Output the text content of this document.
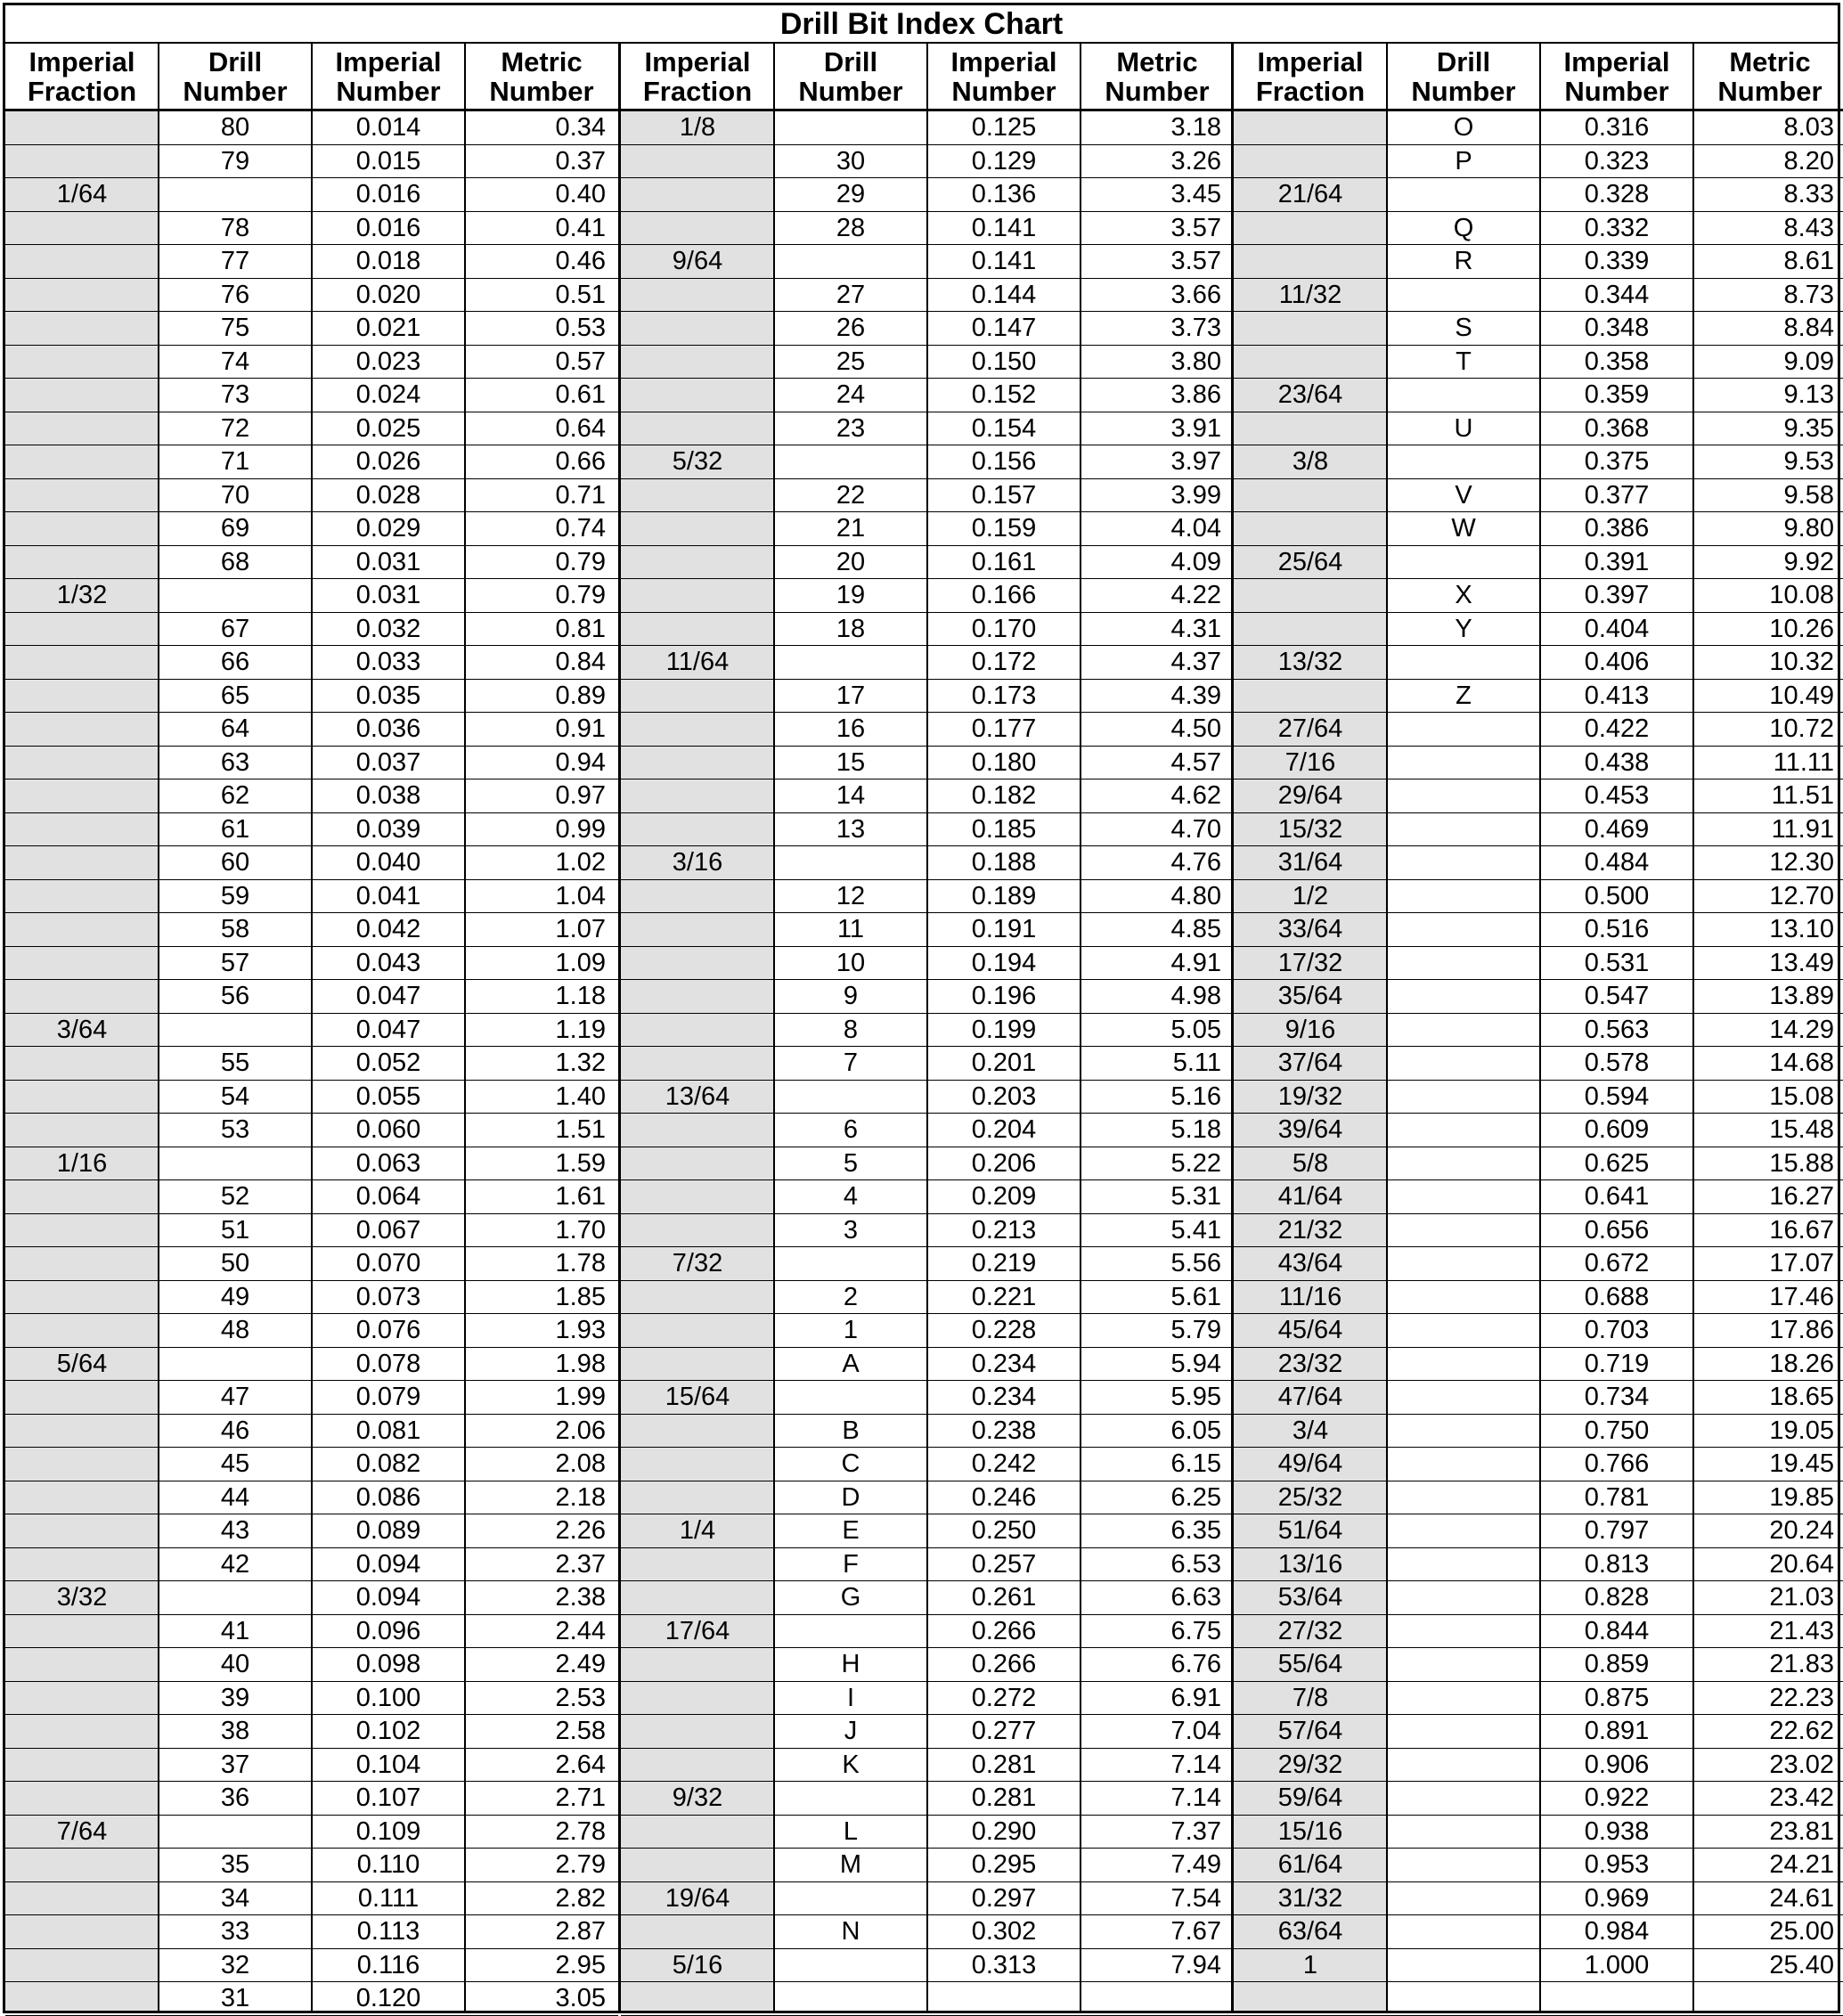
Drill Bit Index Chart
Imperial
Fraction
Drill
Number
Imperial
Number
Metric
Number
1/64
1/32
3/64
1/16
5/64
3/32
7/64
80
79
78
77
76
75
74
73
72
71
70
69
68
67
66
65
64
63
62
61
60
59
58
57
56
55
54
53
52
51
50
49
48
47
46
45
44
43
42
41
40
39
38
37
36
35
34
33
32
31
0.014
0.015
0.016
0.016
0.018
0.020
0.021
0.023
0.024
0.025
0.026
0.028
0.029
0.031
0.031
0.032
0.033
0.035
0.036
0.037
0.038
0.039
0.040
0.041
0.042
0.043
0.047
0.047
0.052
0.055
0.060
0.063
0.064
0.067
0.070
0.073
0.076
0.078
0.079
0.081
0.082
0.086
0.089
0.094
0.094
0.096
0.098
0.100
0.102
0.104
0.107
0.109
0.110
0.111
0.113
0.116
0.120
0.34
0.37
0.40
0.41
0.46
0.51
0.53
0.57
0.61
0.64
0.66
0.71
0.74
0.79
0.79
0.81
0.84
0.89
0.91
0.94
0.97
0.99
1.02
1.04
1.07
1.09
1.18
1.19
1.32
1.40
1.51
1.59
1.61
1.70
1.78
1.85
1.93
1.98
1.99
2.06
2.08
2.18
2.26
2.37
2.38
2.44
2.49
2.53
2.58
2.64
2.71
2.78
2.79
2.82
2.87
2.95
3.05
Imperial
Fraction
Drill
Number
Imperial
Number
Metric
Number
1/8
9/64
5/32
11/64
3/16
13/64
7/32
15/64
1/4
17/64
9/32
19/64
5/16
30
29
28
27
26
25
24
23
22
21
20
19
18
17
16
15
14
13
12
11
10
9
8
7
6
5
4
3
2
1
A
B
C
D
E
F
G
H
I
J
K
L
M
N
0.125
0.129
0.136
0.141
0.141
0.144
0.147
0.150
0.152
0.154
0.156
0.157
0.159
0.161
0.166
0.170
0.172
0.173
0.177
0.180
0.182
0.185
0.188
0.189
0.191
0.194
0.196
0.199
0.201
0.203
0.204
0.206
0.209
0.213
0.219
0.221
0.228
0.234
0.234
0.238
0.242
0.246
0.250
0.257
0.261
0.266
0.266
0.272
0.277
0.281
0.281
0.290
0.295
0.297
0.302
0.313
3.18
3.26
3.45
3.57
3.57
3.66
3.73
3.80
3.86
3.91
3.97
3.99
4.04
4.09
4.22
4.31
4.37
4.39
4.50
4.57
4.62
4.70
4.76
4.80
4.85
4.91
4.98
5.05
5.11
5.16
5.18
5.22
5.31
5.41
5.56
5.61
5.79
5.94
5.95
6.05
6.15
6.25
6.35
6.53
6.63
6.75
6.76
6.91
7.04
7.14
7.14
7.37
7.49
7.54
7.67
7.94
Imperial
Fraction
Drill
Number
Imperial
Number
Metric
Number
21/64
11/32
23/64
3/8
25/64
13/32
27/64
7/16
29/64
15/32
31/64
1/2
33/64
17/32
35/64
9/16
37/64
19/32
39/64
5/8
41/64
21/32
43/64
11/16
45/64
23/32
47/64
3/4
49/64
25/32
51/64
13/16
53/64
27/32
55/64
7/8
57/64
29/32
59/64
15/16
61/64
31/32
63/64
1
O
P
Q
R
S
T
U
V
W
X
Y
Z
0.316
0.323
0.328
0.332
0.339
0.344
0.348
0.358
0.359
0.368
0.375
0.377
0.386
0.391
0.397
0.404
0.406
0.413
0.422
0.438
0.453
0.469
0.484
0.500
0.516
0.531
0.547
0.563
0.578
0.594
0.609
0.625
0.641
0.656
0.672
0.688
0.703
0.719
0.734
0.750
0.766
0.781
0.797
0.813
0.828
0.844
0.859
0.875
0.891
0.906
0.922
0.938
0.953
0.969
0.984
1.000
8.03
8.20
8.33
8.43
8.61
8.73
8.84
9.09
9.13
9.35
9.53
9.58
9.80
9.92
10.08
10.26
10.32
10.49
10.72
11.11
11.51
11.91
12.30
12.70
13.10
13.49
13.89
14.29
14.68
15.08
15.48
15.88
16.27
16.67
17.07
17.46
17.86
18.26
18.65
19.05
19.45
19.85
20.24
20.64
21.03
21.43
21.83
22.23
22.62
23.02
23.42
23.81
24.21
24.61
25.00
25.40
